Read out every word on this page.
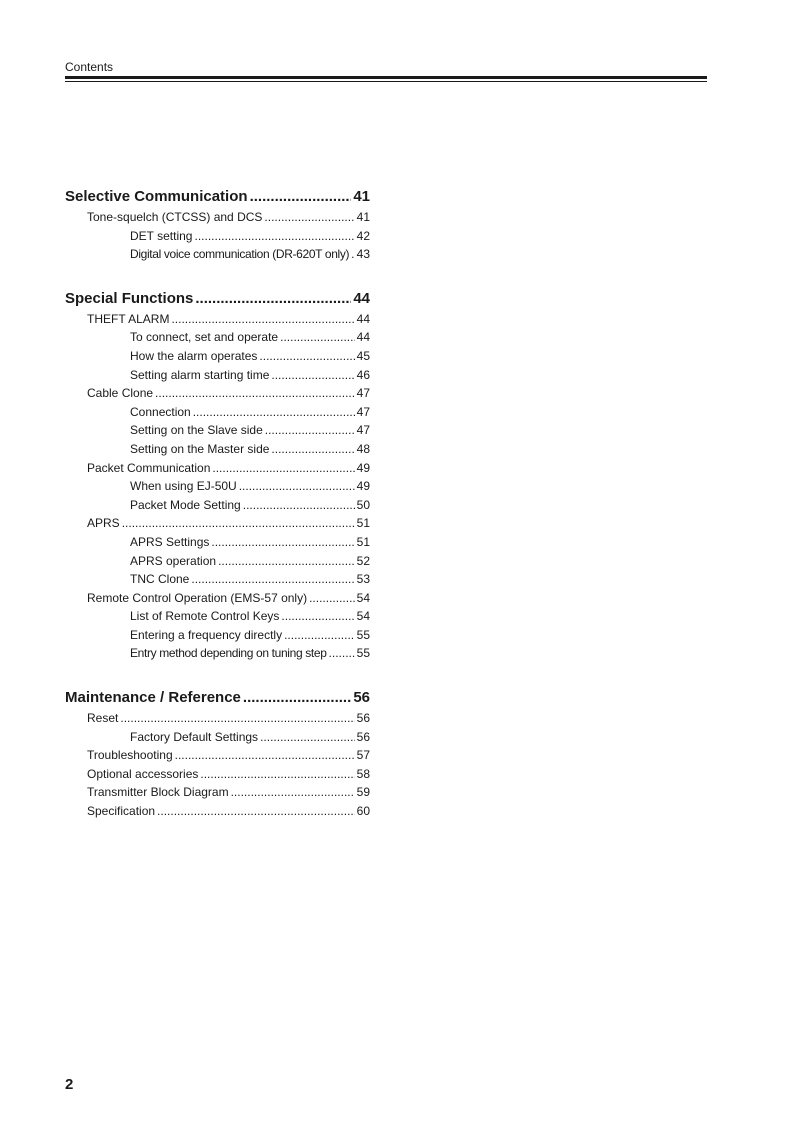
Contents
Selective Communication .....	41
Tone-squelch (CTCSS) and DCS .....	41
DET setting .....	42
Digital voice communication (DR-620T only) ..... 43
Special Functions .....	44
THEFT ALARM .....	44
To connect, set and operate .....	44
How the alarm operates .....	45
Setting alarm starting time .....	46
Cable Clone .....	47
Connection .....	47
Setting on the Slave side .....	47
Setting on the Master side .....	48
Packet Communication .....	49
When using EJ-50U .....	49
Packet Mode Setting .....	50
APRS .....	51
APRS Settings .....	51
APRS operation .....	52
TNC Clone .....	53
Remote Control Operation (EMS-57 only) .....	54
List of Remote Control Keys .....	54
Entering a frequency directly .....	55
Entry method depending on tuning step .....	55
Maintenance / Reference .....	56
Reset .....	56
Factory Default Settings .....	56
Troubleshooting .....	57
Optional accessories .....	58
Transmitter Block Diagram .....	59
Specification .....	60
2
